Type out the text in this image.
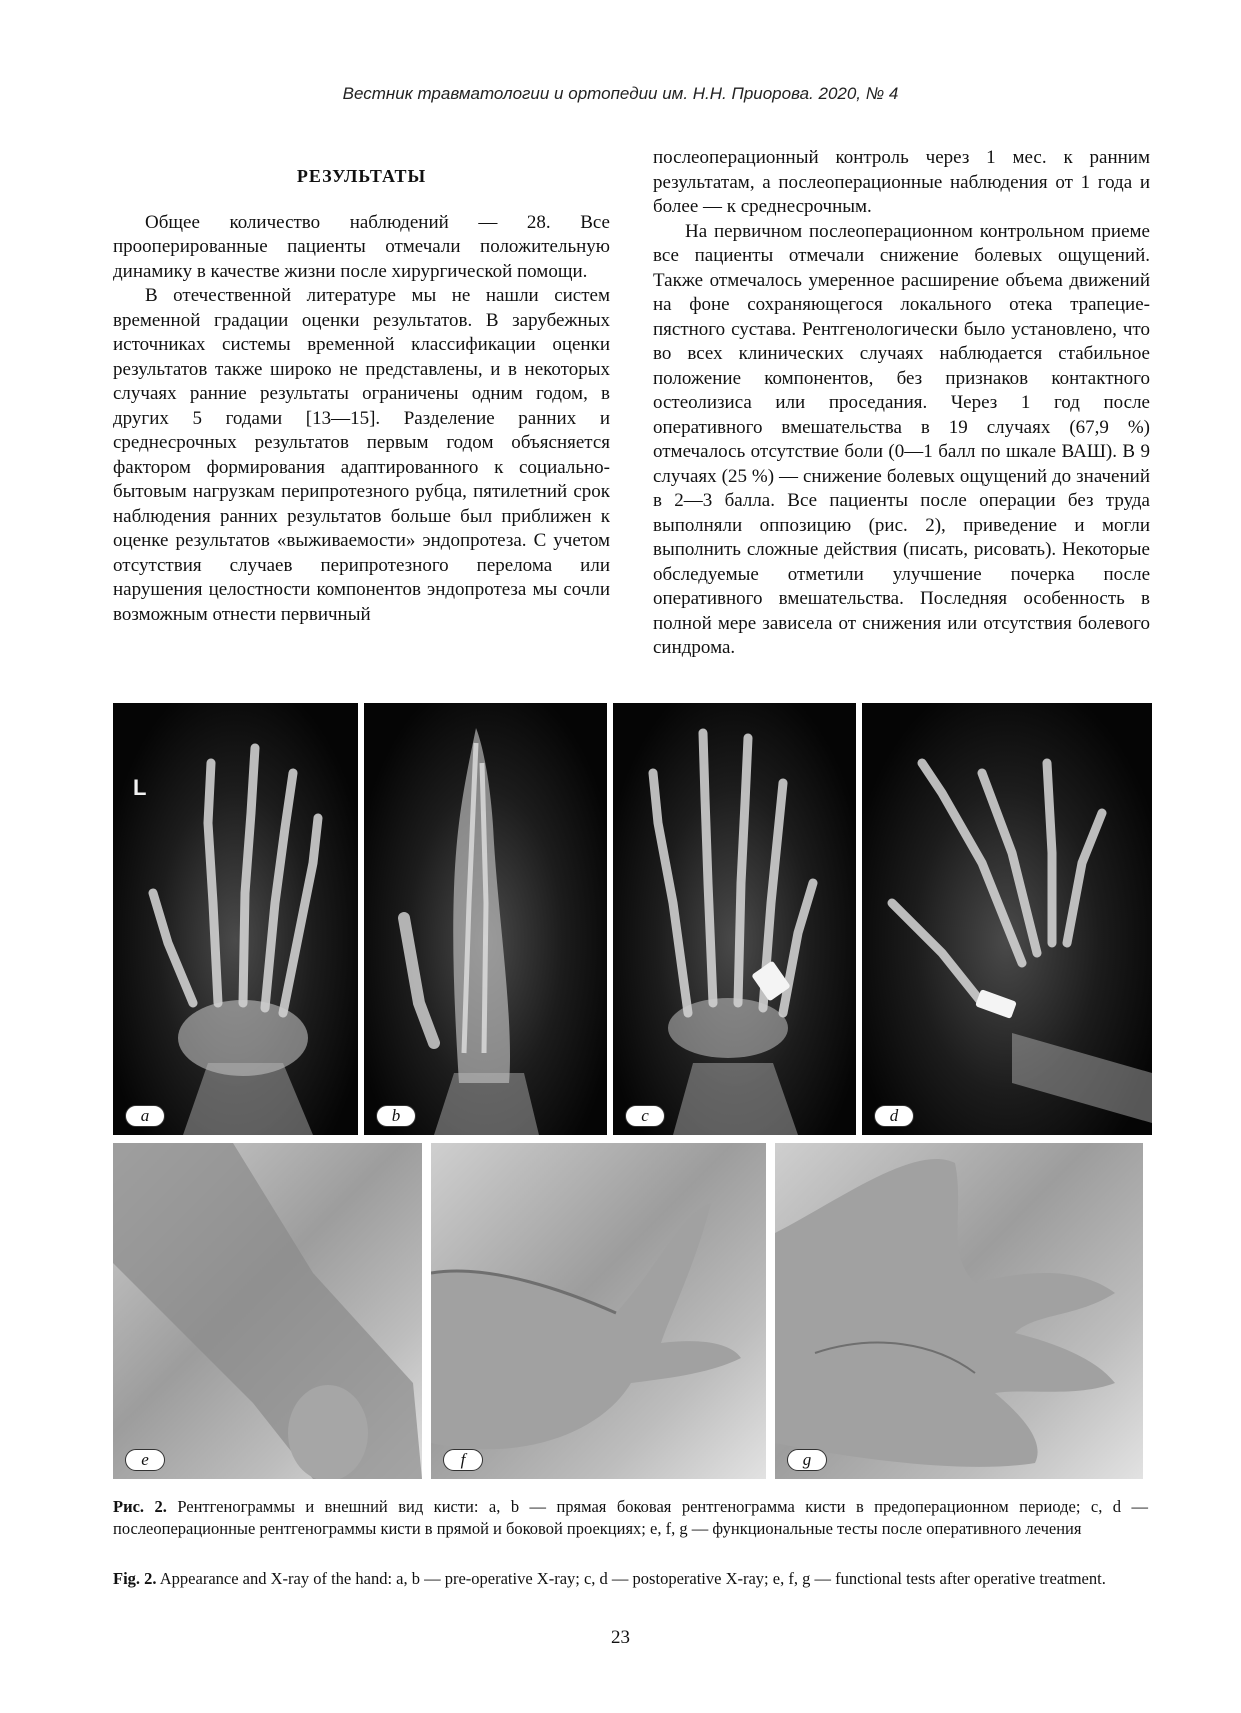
Вестник травматологии и ортопедии им. Н.Н. Приорова. 2020, № 4
РЕЗУЛЬТАТЫ

Общее количество наблюдений — 28. Все прооперированные пациенты отмечали положительную динамику в качестве жизни после хирургической помощи.

В отечественной литературе мы не нашли систем временной градации оценки результатов. В зарубежных источниках системы временной классификации оценки результатов также широко не представлены, и в некоторых случаях ранние результаты ограничены одним годом, в других 5 годами [13—15]. Разделение ранних и среднесрочных результатов первым годом объясняется фактором формирования адаптированного к социально-бытовым нагрузкам перипротезного рубца, пятилетний срок наблюдения ранних результатов больше был приближен к оценке результатов «выживаемости» эндопротеза. С учетом отсутствия случаев перипротезного перелома или нарушения целостности компонентов эндопротеза мы сочли возможным отнести первичный

послеоперационный контроль через 1 мес. к ранним результатам, а послеоперационные наблюдения от 1 года и более — к среднесрочным.

На первичном послеоперационном контрольном приеме все пациенты отмечали снижение болевых ощущений. Также отмечалось умеренное расширение объема движений на фоне сохраняющегося локального отека трапецие-пястного сустава. Рентгенологически было установлено, что во всех клинических случаях наблюдается стабильное положение компонентов, без признаков контактного остеолизиса или проседания. Через 1 год после оперативного вмешательства в 19 случаях (67,9 %) отмечалось отсутствие боли (0—1 балл по шкале ВАШ). В 9 случаях (25 %) — снижение болевых ощущений до значений в 2—3 балла. Все пациенты после операции без труда выполняли оппозицию (рис. 2), приведение и могли выполнить сложные действия (писать, рисовать). Некоторые обследуемые отметили улучшение почерка после оперативного вмешательства. Последняя особенность в полной мере зависела от снижения или отсутствия болевого синдрома.

L
a	b	c	d
e	f	g
Рис. 2. Рентгенограммы и внешний вид кисти: a, b — прямая боковая рентгенограмма кисти в предоперационном периоде; c, d — послеоперационные рентгенограммы кисти в прямой и боковой проекциях; e, f, g — функциональные тесты после оперативного лечения
Fig. 2. Appearance and X-ray of the hand: a, b — pre-operative X-ray; c, d — postoperative X-ray; e, f, g — functional tests after operative treatment.
23
